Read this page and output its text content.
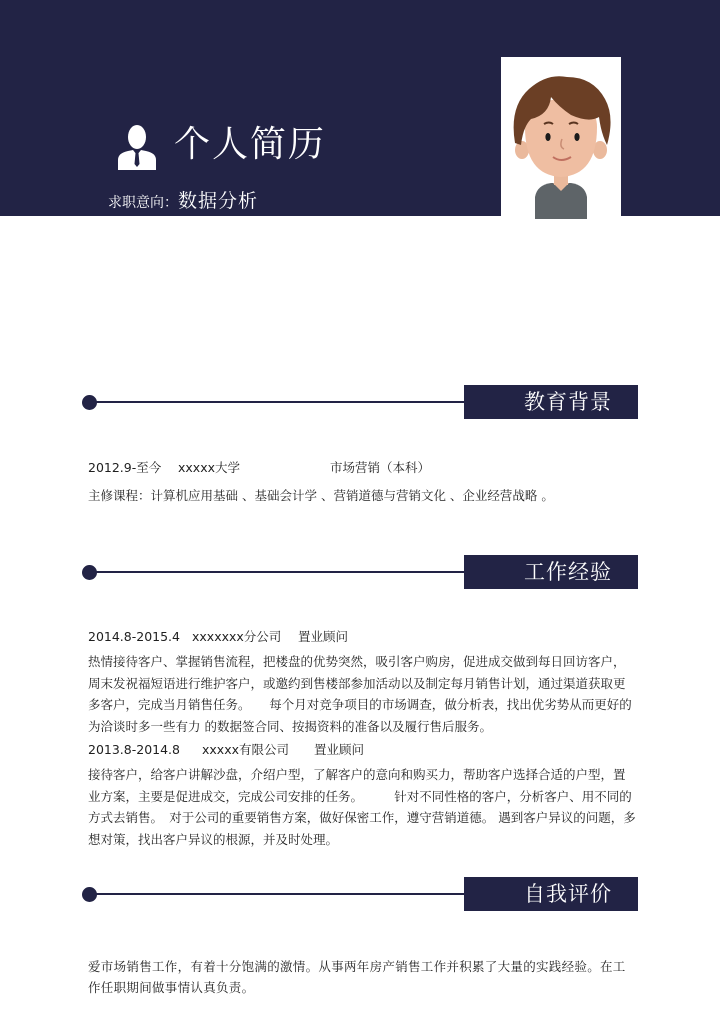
个人简历
求职意向：数据分析
教育背景
2012.9-至今 xxxxx大学	市场营销（本科）
主修课程：计算机应用基础 、基础会计学 、营销道德与营销文化 、企业经营战略 。
工作经验
2014.8-2015.4 xxxxxxx分公司 置业顾问
热情接待客户、掌握销售流程，把楼盘的优势突然，吸引客户购房，促进成交做到每日回访客户，周末发祝福短语进行维护客户，或邀约到售楼部参加活动以及制定每月销售计划，通过渠道获取更多客户，完成当月销售任务。　　每个月对竞争项目的市场调查，做分析表，找出优劣势从而更好的为洽谈时多一些有力 的数据签合同、按揭资料的准备以及履行售后服务。
2013.8-2014.8 xxxxx有限公司 置业顾问
接待客户，给客户讲解沙盘，介绍户型，了解客户的意向和购买力，帮助客户选择合适的户型，置业方案，主要是促进成交，完成公司安排的任务。　　　针对不同性格的客户，分析客户、用不同的方式去销售。　对于公司的重要销售方案，做好保密工作，遵守营销道德。 遇到客户异议的问题，多想对策，找出客户异议的根源，并及时处理。
自我评价
爱市场销售工作，有着十分饱满的激情。从事两年房产销售工作并积累了大量的实践经验。在工作任职期间做事情认真负责。
